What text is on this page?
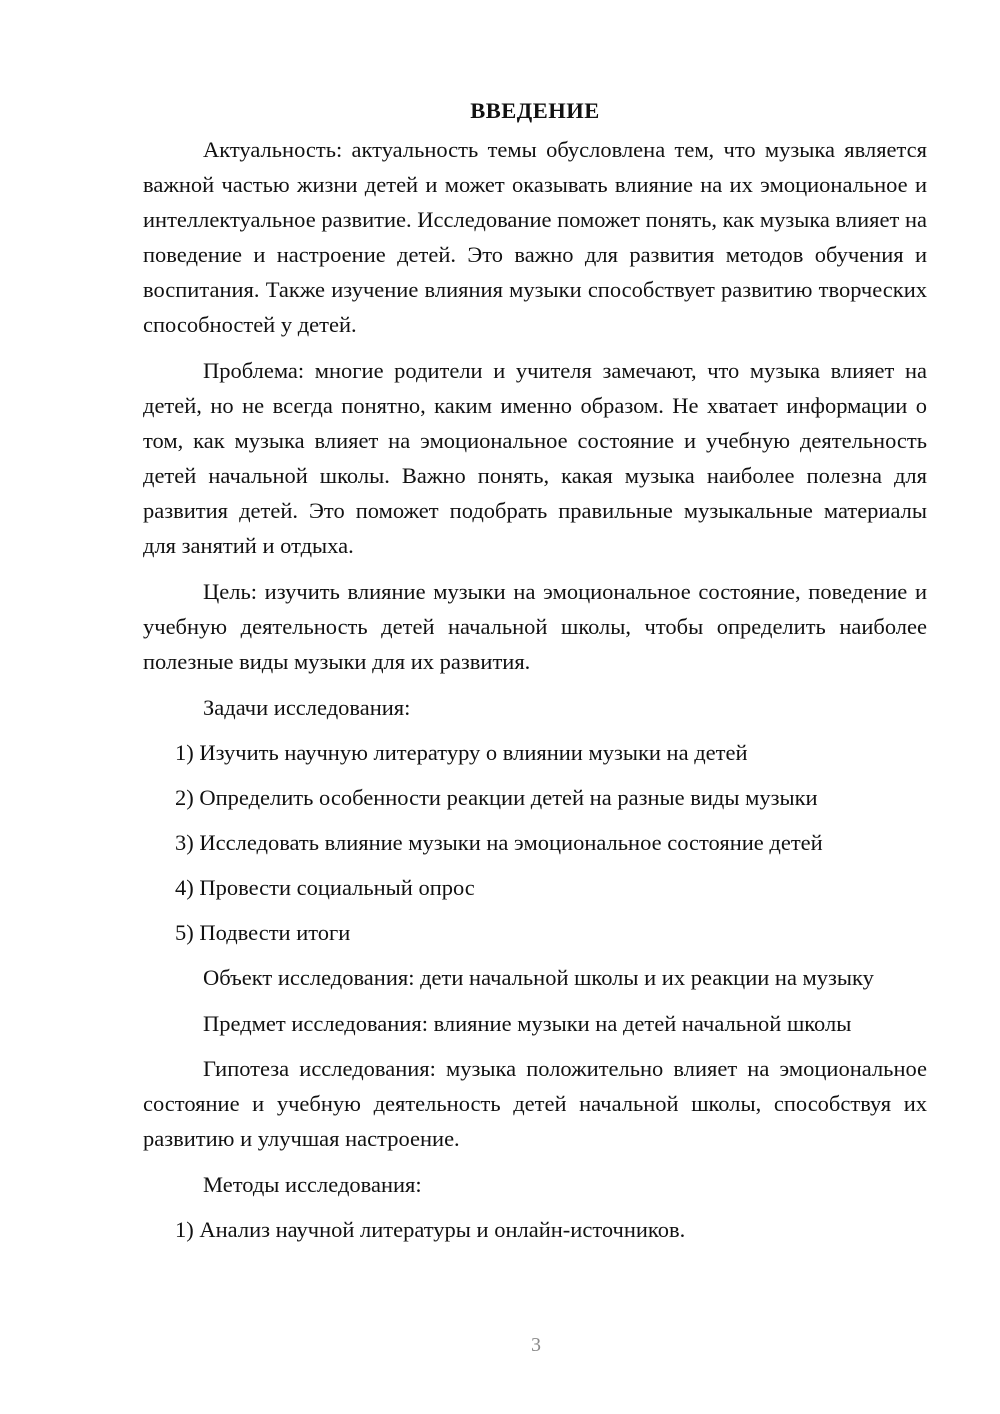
ВВЕДЕНИЕ

Актуальность: актуальность темы обусловлена тем, что музыка является важной частью жизни детей и может оказывать влияние на их эмоциональное и интеллектуальное развитие. Исследование поможет понять, как музыка влияет на поведение и настроение детей. Это важно для развития методов обучения и воспитания. Также изучение влияния музыки способствует развитию творческих способностей у детей.

Проблема: многие родители и учителя замечают, что музыка влияет на детей, но не всегда понятно, каким именно образом. Не хватает информации о том, как музыка влияет на эмоциональное состояние и учебную деятельность детей начальной школы. Важно понять, какая музыка наиболее полезна для развития детей. Это поможет подобрать правильные музыкальные материалы для занятий и отдыха.

Цель: изучить влияние музыки на эмоциональное состояние, поведение и учебную деятельность детей начальной школы, чтобы определить наиболее полезные виды музыки для их развития.

Задачи исследования:

1) Изучить научную литературу о влиянии музыки на детей

2) Определить особенности реакции детей на разные виды музыки

3) Исследовать влияние музыки на эмоциональное состояние детей

4) Провести социальный опрос

5) Подвести итоги

Объект исследования: дети начальной школы и их реакции на музыку

Предмет исследования: влияние музыки на детей начальной школы

Гипотеза исследования: музыка положительно влияет на эмоциональное состояние и учебную деятельность детей начальной школы, способствуя их развитию и улучшая настроение.

Методы исследования:

1) Анализ научной литературы и онлайн-источников.

3
